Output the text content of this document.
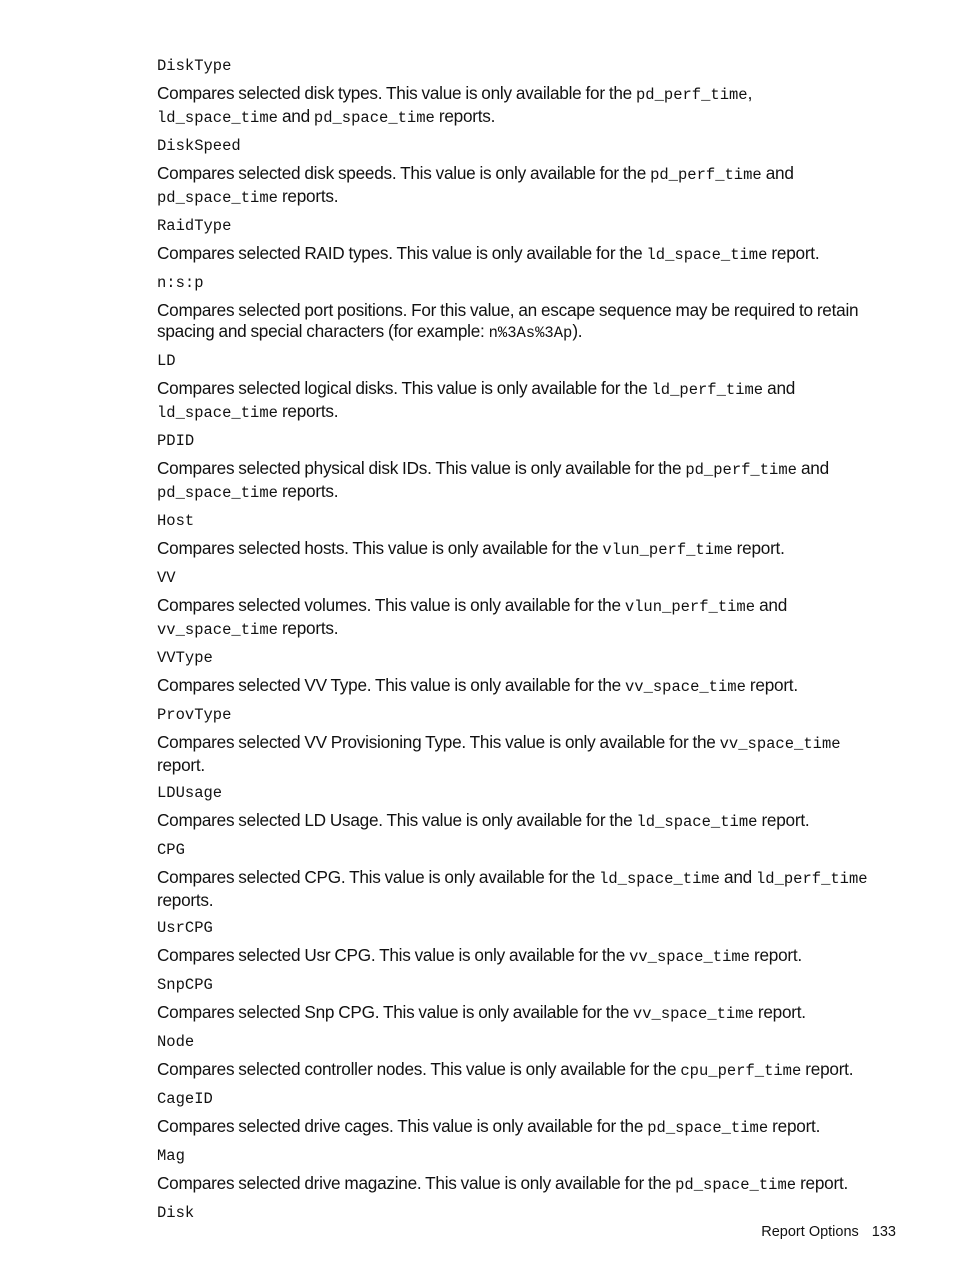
DiskType
Compares selected disk types. This value is only available for the pd_perf_time,
ld_space_time and pd_space_time reports.
DiskSpeed
Compares selected disk speeds. This value is only available for the pd_perf_time and
pd_space_time reports.
RaidType
Compares selected RAID types. This value is only available for the ld_space_time report.
n:s:p
Compares selected port positions. For this value, an escape sequence may be required to retain
spacing and special characters (for example: n%3As%3Ap).
LD
Compares selected logical disks. This value is only available for the ld_perf_time and
ld_space_time reports.
PDID
Compares selected physical disk IDs. This value is only available for the pd_perf_time and
pd_space_time reports.
Host
Compares selected hosts. This value is only available for the vlun_perf_time report.
VV
Compares selected volumes. This value is only available for the vlun_perf_time and
vv_space_time reports.
VVType
Compares selected VV Type. This value is only available for the vv_space_time report.
ProvType
Compares selected VV Provisioning Type. This value is only available for the vv_space_time
report.
LDUsage
Compares selected LD Usage. This value is only available for the ld_space_time report.
CPG
Compares selected CPG. This value is only available for the ld_space_time and ld_perf_time
reports.
UsrCPG
Compares selected Usr CPG. This value is only available for the vv_space_time report.
SnpCPG
Compares selected Snp CPG. This value is only available for the vv_space_time report.
Node
Compares selected controller nodes. This value is only available for the cpu_perf_time report.
CageID
Compares selected drive cages. This value is only available for the pd_space_time report.
Mag
Compares selected drive magazine. This value is only available for the pd_space_time report.
Disk
Report Options 133
